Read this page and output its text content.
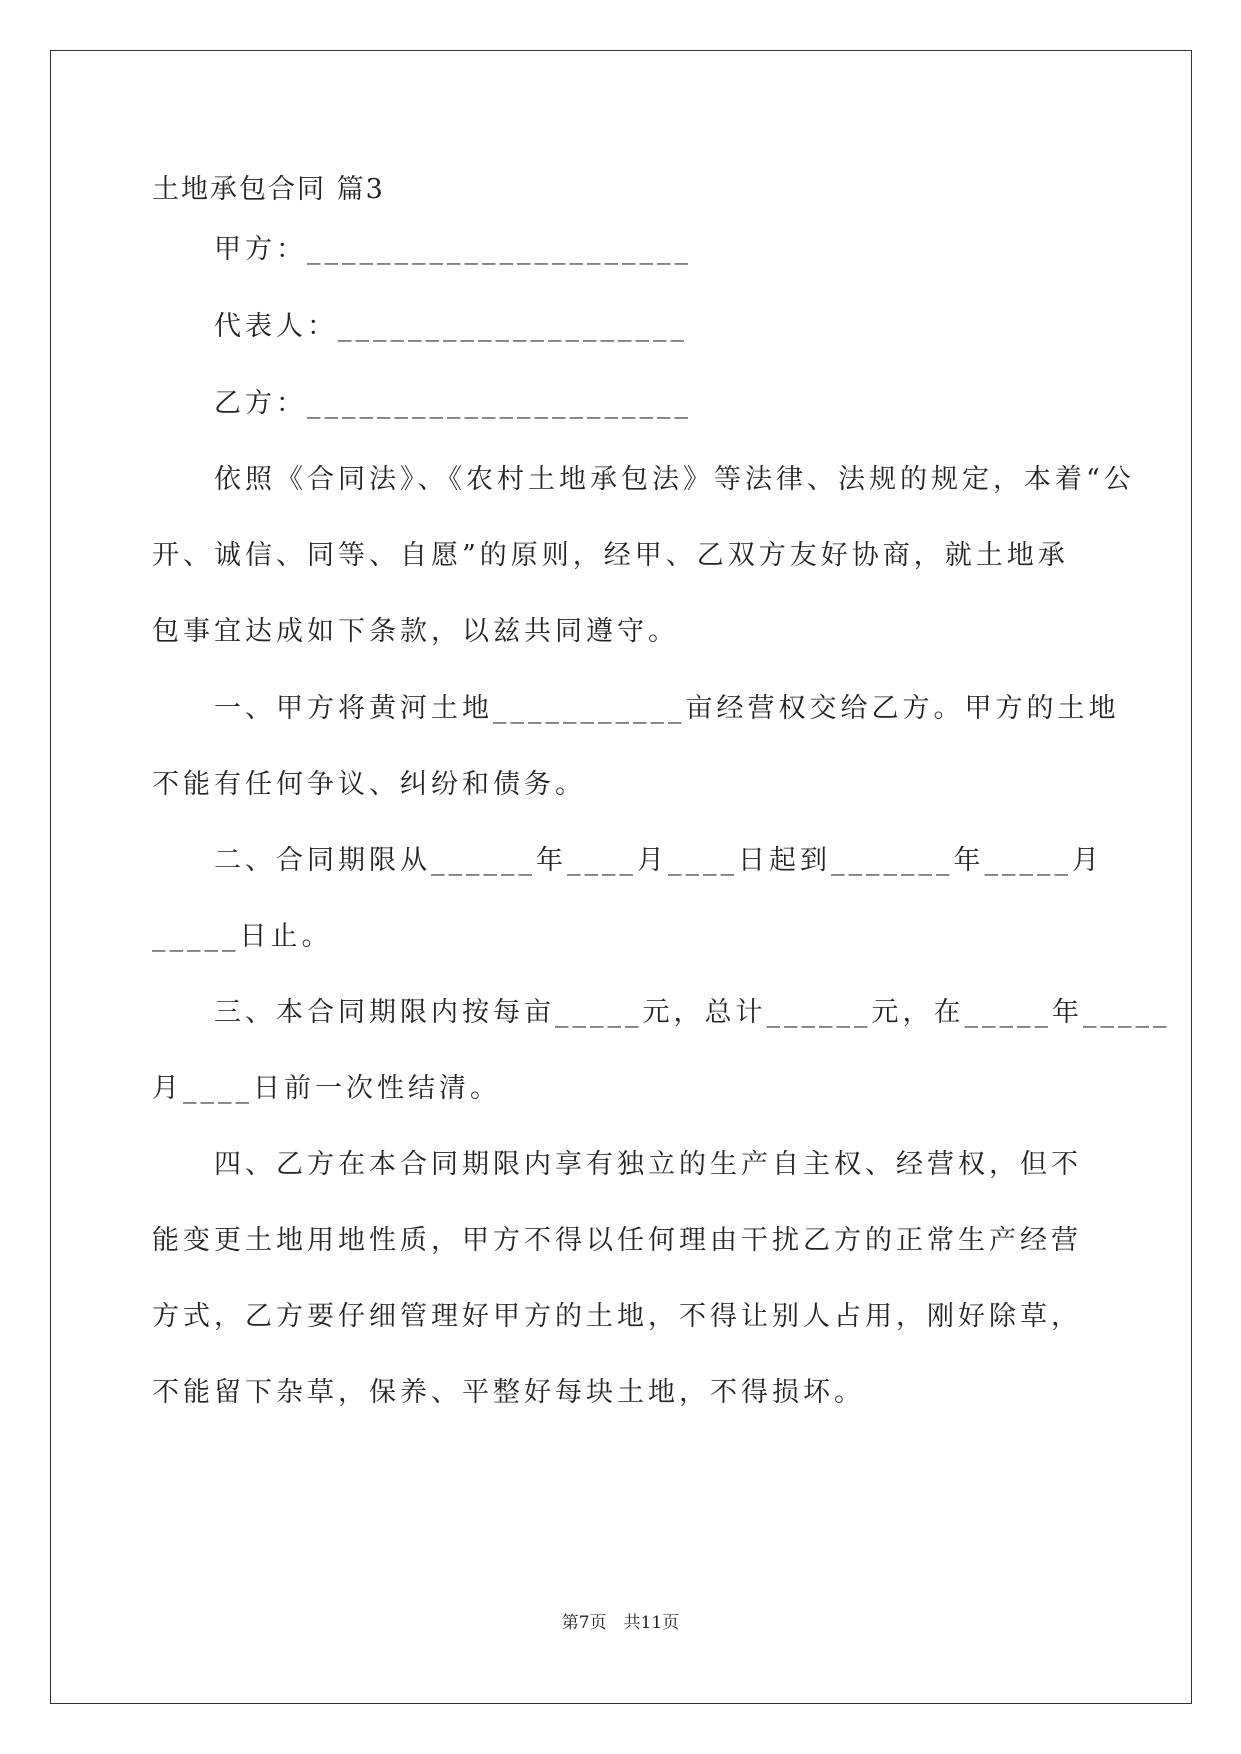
土地承包合同 篇3
甲方：______________________
代表人：____________________
乙方：______________________
依照《合同法》、《农村土地承包法》等法律、法规的规定，本着“公
开、诚信、同等、自愿”的原则，经甲、乙双方友好协商，就土地承
包事宜达成如下条款，以兹共同遵守。
一、甲方将黄河土地___________亩经营权交给乙方。甲方的土地
不能有任何争议、纠纷和债务。
二、合同期限从______年____月____日起到_______年_____月
_____日止。
三、本合同期限内按每亩_____元，总计______元，在_____年_____
月____日前一次性结清。
四、乙方在本合同期限内享有独立的生产自主权、经营权，但不
能变更土地用地性质，甲方不得以任何理由干扰乙方的正常生产经营
方式，乙方要仔细管理好甲方的土地，不得让别人占用，刚好除草，
不能留下杂草，保养、平整好每块土地，不得损坏。
第7页　共11页
